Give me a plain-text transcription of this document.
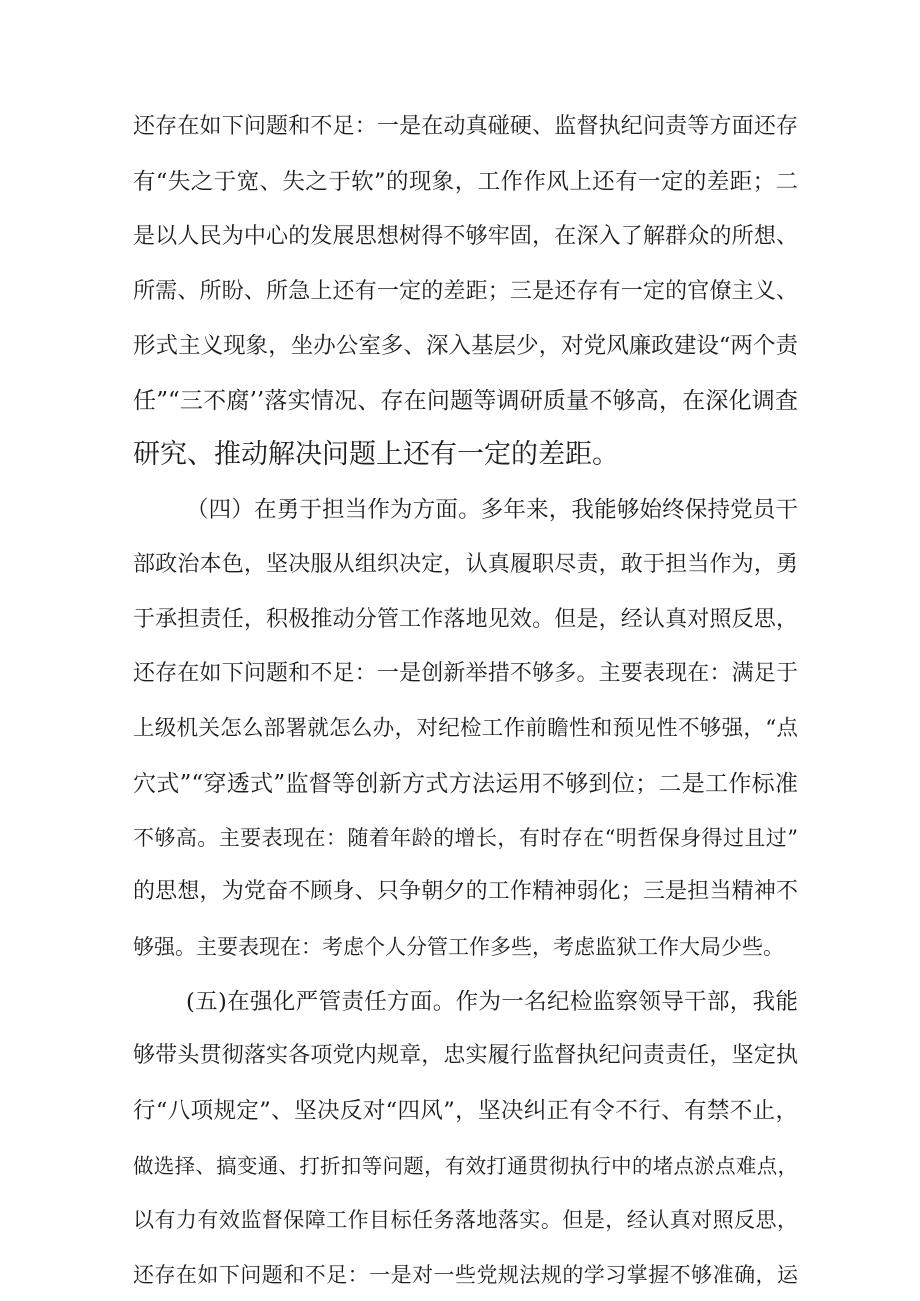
还存在如下问题和不足：一是在动真碰硬、监督执纪问责等方面还存
有“失之于宽、失之于软”的现象，工作作风上还有一定的差距；二
是以人民为中心的发展思想树得不够牢固，在深入了解群众的所想、
所需、所盼、所急上还有一定的差距；三是还存有一定的官僚主义、
形式主义现象，坐办公室多、深入基层少，对党风廉政建设“两个责
任”“三不腐’’落实情况、存在问题等调研质量不够高，在深化调査
研究、推动解决问题上还有一定的差距。
（四）在勇于担当作为方面。多年来，我能够始终保持党员干
部政治本色，坚决服从组织决定，认真履职尽责，敢于担当作为，勇
于承担责任，积极推动分管工作落地见效。但是，经认真对照反思，
还存在如下问题和不足：一是创新举措不够多。主要表现在：满足于
上级机关怎么部署就怎么办，对纪检工作前瞻性和预见性不够强，“点
穴式”“穿透式”监督等创新方式方法运用不够到位；二是工作标准
不够高。主要表现在：随着年龄的增长，有时存在“明哲保身得过且过”
的思想，为党奋不顾身、只争朝夕的工作精神弱化；三是担当精神不
够强。主要表现在：考虑个人分管工作多些，考虑监狱工作大局少些。
(五)在强化严管责任方面。作为一名纪检监察领导干部，我能
够带头贯彻落实各项党内规章，忠实履行监督执纪问责责任，坚定执
行“八项规定”、坚决反对“四风”，坚决纠正有令不行、有禁不止，
做选择、搞变通、打折扣等问题，有效打通贯彻执行中的堵点淤点难点，
以有力有效监督保障工作目标任务落地落实。但是，经认真对照反思，
还存在如下问题和不足：一是对一些党规法规的学习掌握不够准确，运
